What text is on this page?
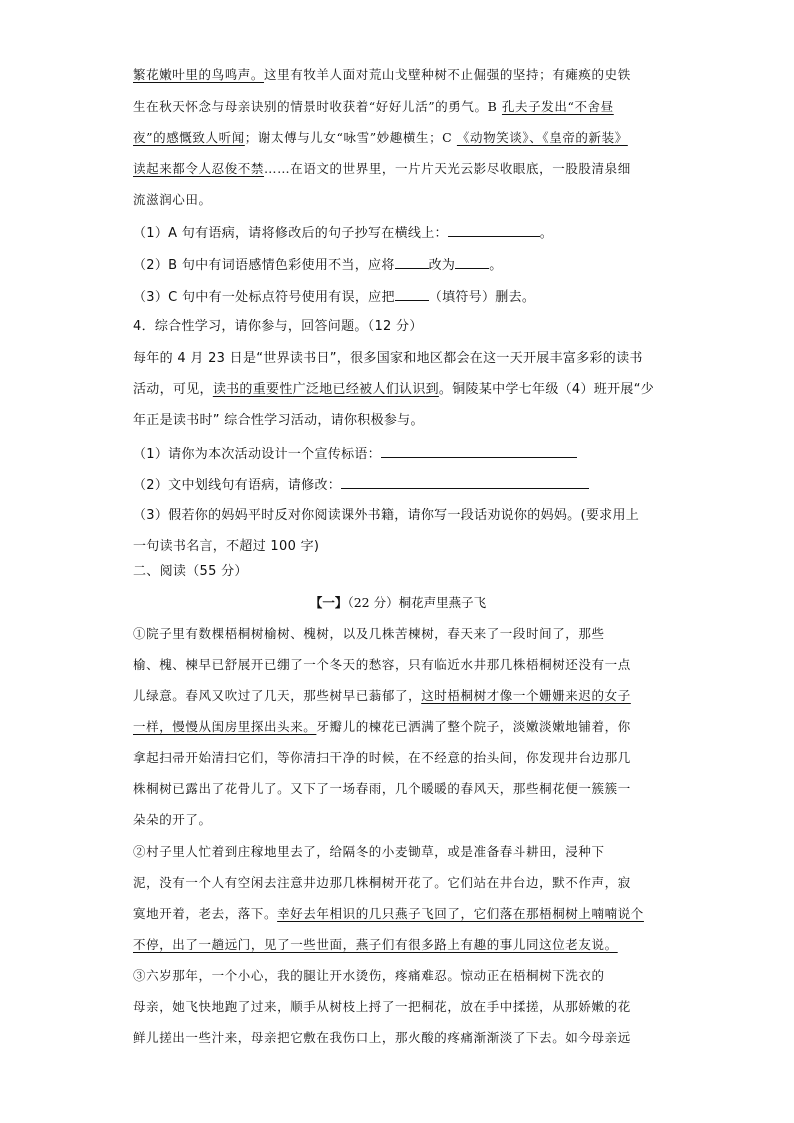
繁花嫩叶里的鸟鸣声。这里有牧羊人面对荒山戈壁种树不止倔强的坚持；有瘫痪的史铁
生在秋天怀念与母亲诀别的情景时收获着“好好儿活”的勇气。B 孔夫子发出“不舍昼
夜”的感慨致人听闻；谢太傅与儿女“咏雪”妙趣横生；C 《动物笑谈》、《皇帝的新装》
读起来都令人忍俊不禁……在语文的世界里，一片片天光云影尽收眼底，一股股清泉细
流滋润心田。
（1）A 句有语病，请将修改后的句子抄写在横线上：	。
（2）B 句中有词语感情色彩使用不当，应将	改为	。
（3）C 句中有一处标点符号使用有误，应把	（填符号）删去。
4．综合性学习，请你参与，回答问题。（12 分）
每年的 4 月 23 日是“世界读书日”，很多国家和地区都会在这一天开展丰富多彩的读书
活动，可见，读书的重要性广泛地已经被人们认识到。铜陵某中学七年级（4）班开展“少
年正是读书时” 综合性学习活动，请你积极参与。
（1）请你为本次活动设计一个宣传标语：
（2）文中划线句有语病，请修改：
（3）假若你的妈妈平时反对你阅读课外书籍，请你写一段话劝说你的妈妈。(要求用上
一句读书名言，不超过 100 字)
二、阅读（55 分）
【一】（22 分）桐花声里燕子飞
①院子里有数棵梧桐树榆树、槐树，以及几株苦楝树，春天来了一段时间了，那些
榆、槐、楝早已舒展开已绷了一个冬天的愁容，只有临近水井那几株梧桐树还没有一点
儿绿意。春风又吹过了几天，那些树早已蓊郁了，这时梧桐树才像一个姗姗来迟的女子
一样，慢慢从闺房里探出头来。牙瓣儿的楝花已洒满了整个院子，淡嫩淡嫩地铺着，你
拿起扫帚开始清扫它们，等你清扫干净的时候，在不经意的抬头间，你发现井台边那几
株桐树已露出了花骨儿了。又下了一场春雨，几个暖暖的春风天，那些桐花便一簇簇一
朵朵的开了。
②村子里人忙着到庄稼地里去了，给隔冬的小麦锄草，或是准备春斗耕田，浸种下
泥，没有一个人有空闲去注意井边那几株桐树开花了。它们站在井台边，默不作声，寂
寞地开着，老去，落下。幸好去年相识的几只燕子飞回了，它们落在那梧桐树上喃喃说个
不停，出了一趟远门，见了一些世面，燕子们有很多路上有趣的事儿同这位老友说。
③六岁那年，一个小心，我的腿让开水烫伤，疼痛难忍。惊动正在梧桐树下洗衣的
母亲，她飞快地跑了过来，顺手从树枝上捋了一把桐花，放在手中揉搓，从那娇嫩的花
鲜儿搓出一些汁来，母亲把它敷在我伤口上，那火酸的疼痛渐渐淡了下去。如今母亲远
